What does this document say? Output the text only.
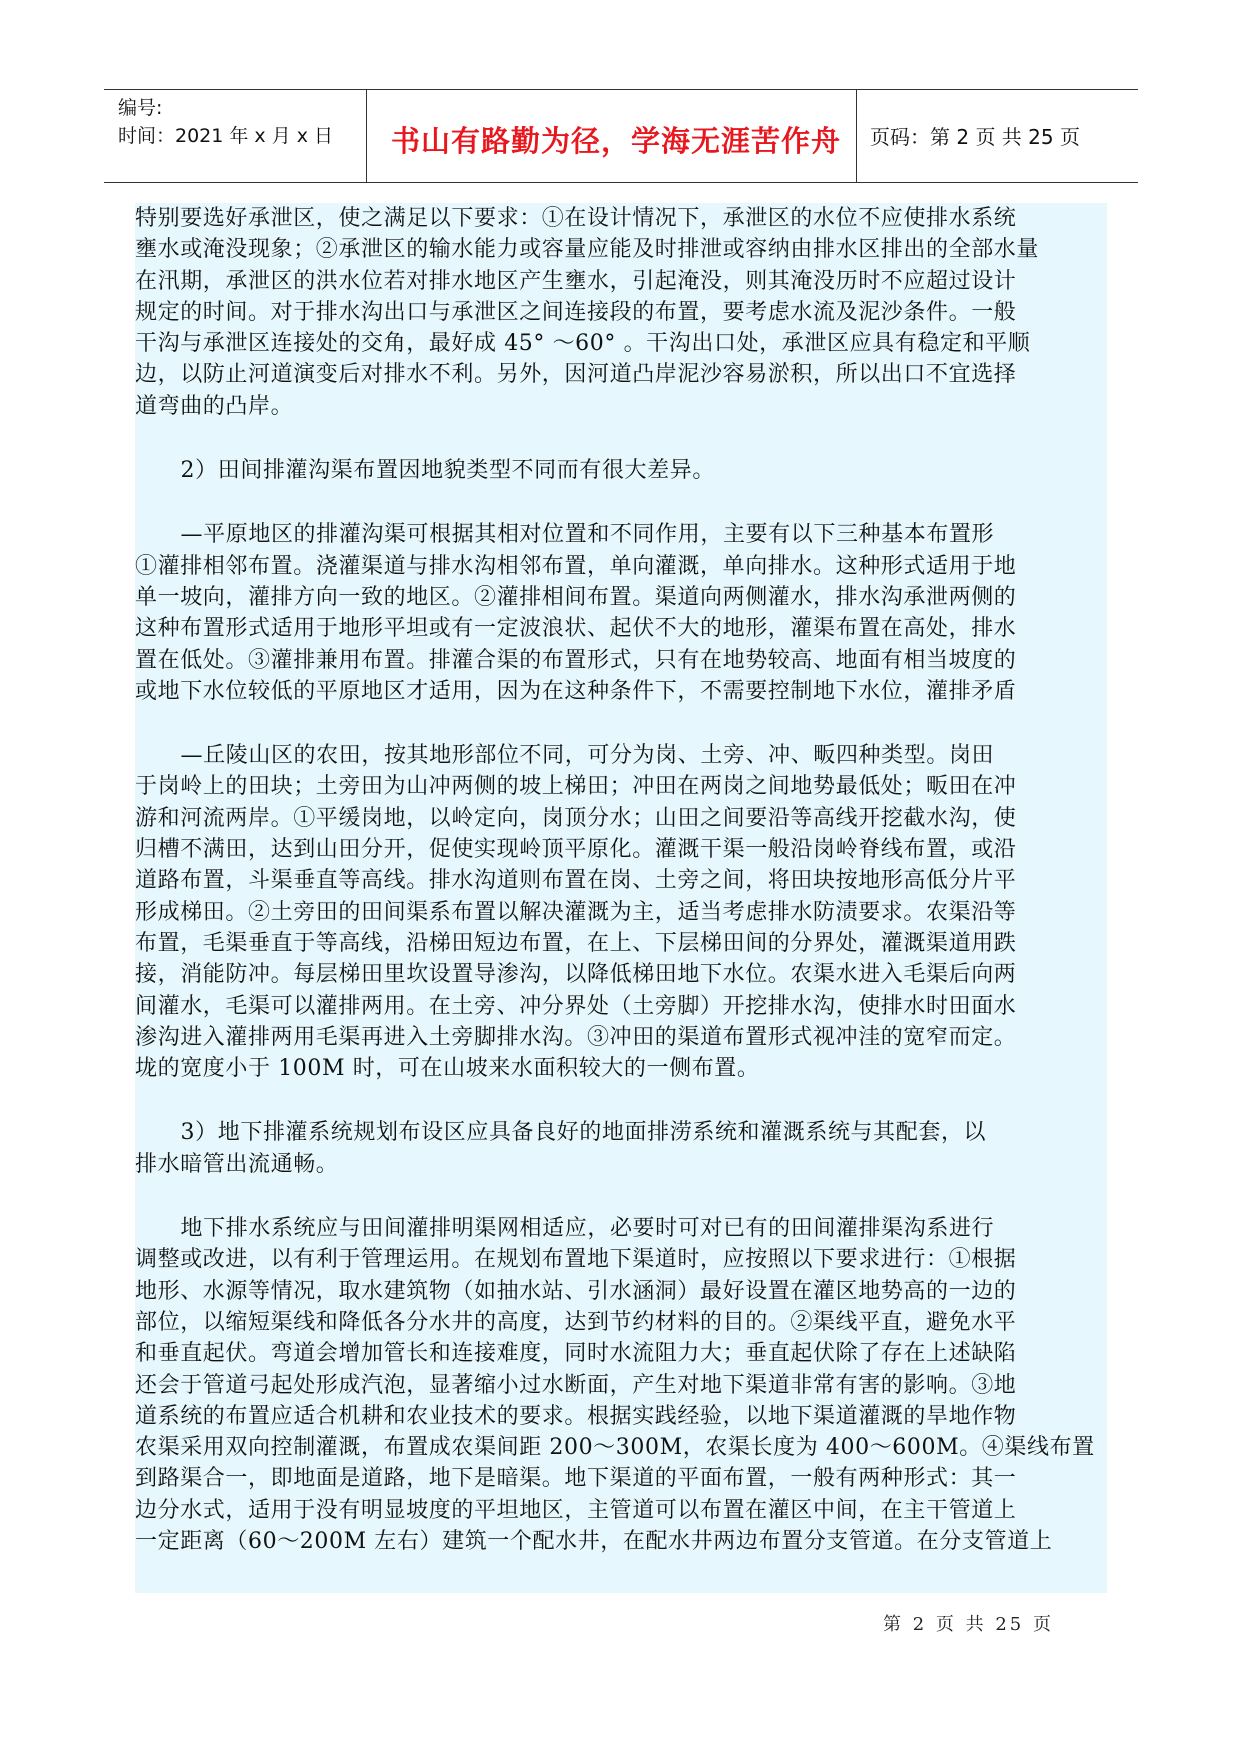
编号:
时间：2021 年 x 月 x 日	书山有路勤为径，学海无涯苦作舟	页码：第 2 页 共 25 页

特别要选好承泄区，使之满足以下要求：①在设计情况下，承泄区的水位不应使排水系统
壅水或淹没现象；②承泄区的输水能力或容量应能及时排泄或容纳由排水区排出的全部水量
在汛期，承泄区的洪水位若对排水地区产生壅水，引起淹没，则其淹没历时不应超过设计
规定的时间。对于排水沟出口与承泄区之间连接段的布置，要考虑水流及泥沙条件。一般
干沟与承泄区连接处的交角，最好成 45° ～60° 。干沟出口处，承泄区应具有稳定和平顺
边，以防止河道演变后对排水不利。另外，因河道凸岸泥沙容易淤积，所以出口不宜选择
道弯曲的凸岸。

2）田间排灌沟渠布置因地貌类型不同而有很大差异。

—平原地区的排灌沟渠可根据其相对位置和不同作用，主要有以下三种基本布置形
①灌排相邻布置。浇灌渠道与排水沟相邻布置，单向灌溉，单向排水。这种形式适用于地
单一坡向，灌排方向一致的地区。②灌排相间布置。渠道向两侧灌水，排水沟承泄两侧的
这种布置形式适用于地形平坦或有一定波浪状、起伏不大的地形，灌渠布置在高处，排水
置在低处。③灌排兼用布置。排灌合渠的布置形式，只有在地势较高、地面有相当坡度的
或地下水位较低的平原地区才适用，因为在这种条件下，不需要控制地下水位，灌排矛盾

—丘陵山区的农田，按其地形部位不同，可分为岗、土旁、冲、畈四种类型。岗田
于岗岭上的田块；土旁田为山冲两侧的坡上梯田；冲田在两岗之间地势最低处；畈田在冲
游和河流两岸。①平缓岗地，以岭定向，岗顶分水；山田之间要沿等高线开挖截水沟，使
归槽不满田，达到山田分开，促使实现岭顶平原化。灌溉干渠一般沿岗岭脊线布置，或沿
道路布置，斗渠垂直等高线。排水沟道则布置在岗、土旁之间，将田块按地形高低分片平
形成梯田。②土旁田的田间渠系布置以解决灌溉为主，适当考虑排水防渍要求。农渠沿等
布置，毛渠垂直于等高线，沿梯田短边布置，在上、下层梯田间的分界处，灌溉渠道用跌
接，消能防冲。每层梯田里坎设置导渗沟，以降低梯田地下水位。农渠水进入毛渠后向两
间灌水，毛渠可以灌排两用。在土旁、冲分界处（土旁脚）开挖排水沟，使排水时田面水
渗沟进入灌排两用毛渠再进入土旁脚排水沟。③冲田的渠道布置形式视冲洼的宽窄而定。
垅的宽度小于 100M 时，可在山坡来水面积较大的一侧布置。

3）地下排灌系统规划布设区应具备良好的地面排涝系统和灌溉系统与其配套，以
排水暗管出流通畅。

地下排水系统应与田间灌排明渠网相适应，必要时可对已有的田间灌排渠沟系进行
调整或改进，以有利于管理运用。在规划布置地下渠道时，应按照以下要求进行：①根据
地形、水源等情况，取水建筑物（如抽水站、引水涵洞）最好设置在灌区地势高的一边的
部位，以缩短渠线和降低各分水井的高度，达到节约材料的目的。②渠线平直，避免水平
和垂直起伏。弯道会增加管长和连接难度，同时水流阻力大；垂直起伏除了存在上述缺陷
还会于管道弓起处形成汽泡，显著缩小过水断面，产生对地下渠道非常有害的影响。③地
道系统的布置应适合机耕和农业技术的要求。根据实践经验，以地下渠道灌溉的旱地作物
农渠采用双向控制灌溉，布置成农渠间距 200～300M，农渠长度为 400～600M。④渠线布置
到路渠合一，即地面是道路，地下是暗渠。地下渠道的平面布置，一般有两种形式：其一
边分水式，适用于没有明显坡度的平坦地区，主管道可以布置在灌区中间，在主干管道上
一定距离（60～200M 左右）建筑一个配水井，在配水井两边布置分支管道。在分支管道上

第 2 页 共 25 页
